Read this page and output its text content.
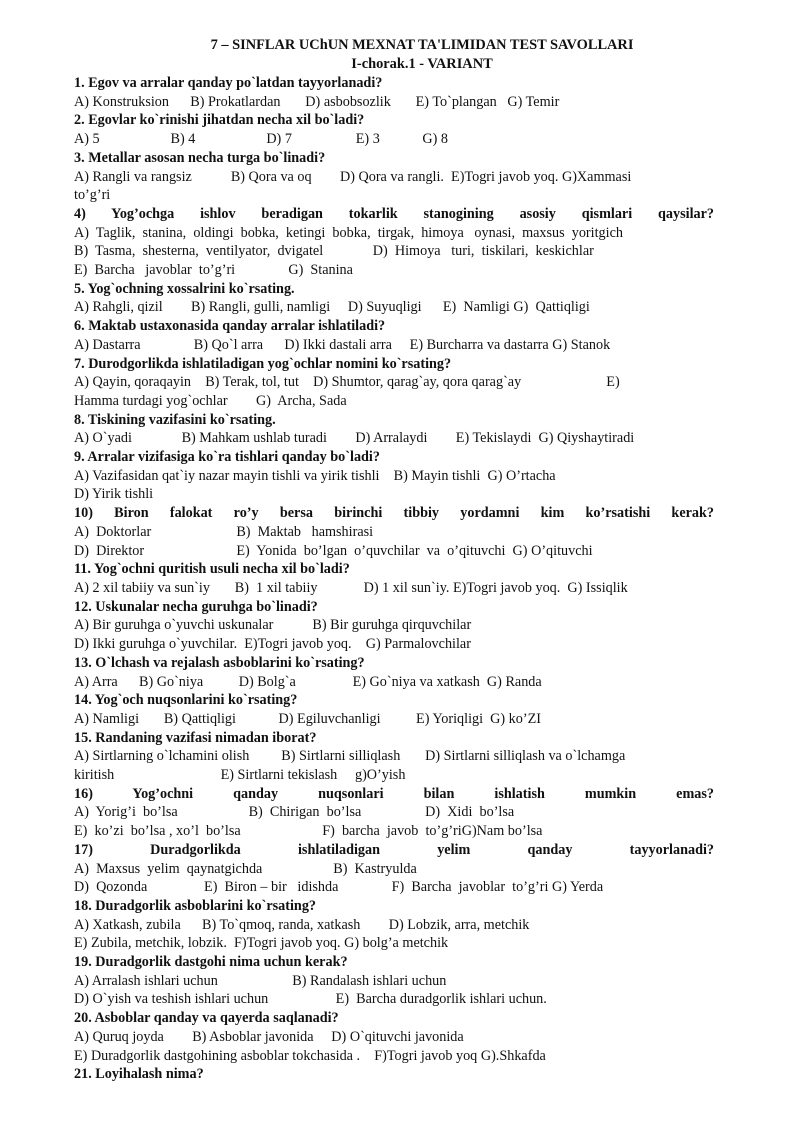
7 – SINFLAR UChUN MEXNAT TA'LIMIDAN TEST SAVOLLARI
I-chorak.1 - VARIANT
1. Egov va arralar qanday po`latdan tayyorlanadi?
A) Konstruksion      B) Prokatlardan       D) asbobsozlik       E) To`plangan   G) Temir
2. Egovlar ko`rinishi jihatdan necha xil bo`ladi?
A) 5                    B) 4                    D) 7                  E) 3            G) 8
3. Metallar asosan necha turga bo`linadi?
A) Rangli va rangsiz           B) Qora va oq        D) Qora va rangli.  E)Togri javob yoq. G)Xammasi
to’g’ri
4) Yog’ochga ishlov beradigan tokarlik stanogining asosiy qismlari qaysilar?
A)  Taglik,  stanina,  oldingi  bobka,  ketingi  bobka,  tirgak,  himoya   oynasi,  maxsus  yoritgich
B)  Tasma,  shesterna,  ventilyator,  dvigatel              D)  Himoya   turi,  tiskilari,  keskichlar
E)  Barcha   javoblar  to’g’ri               G)  Stanina
5. Yog`ochning xossalrini ko`rsating.
A) Rahgli, qizil        B) Rangli, gulli, namligi     D) Suyuqligi      E)  Namligi G)  Qattiqligi
6. Maktab ustaxonasida qanday arralar ishlatiladi?
A) Dastarra               B) Qo`l arra      D) Ikki dastali arra     E) Burcharra va dastarra G) Stanok
7. Durodgorlikda ishlatiladigan yog`ochlar nomini ko`rsating?
A) Qayin, qoraqayin    B) Terak, tol, tut    D) Shumtor, qarag`ay, qora qarag`ay                        E)
Hamma turdagi yog`ochlar        G)  Archa, Sada
8. Tiskining vazifasini ko`rsating.
A) O`yadi              B) Mahkam ushlab turadi        D) Arralaydi        E) Tekislaydi  G) Qiyshaytiradi
9. Arralar vizifasiga ko`ra tishlari qanday bo`ladi?
A) Vazifasidan qat`iy nazar mayin tishli va yirik tishli    B) Mayin tishli  G) O’rtacha
D) Yirik tishli
10) Biron falokat ro’y bersa birinchi tibbiy yordamni kim ko’rsatishi kerak?
A)  Doktorlar                        B)  Maktab   hamshirasi
D)  Direktor                          E)  Yonida  bo’lgan  o’quvchilar  va  o’qituvchi  G) O’qituvchi
11. Yog`ochni quritish usuli necha xil bo`ladi?
A) 2 xil tabiiy va sun`iy       B)  1 xil tabiiy             D) 1 xil sun`iy. E)Togri javob yoq.  G) Issiqlik
12. Uskunalar necha guruhga bo`linadi?
A) Bir guruhga o`yuvchi uskunalar           B) Bir guruhga qirquvchilar
D) Ikki guruhga o`yuvchilar.  E)Togri javob yoq.    G) Parmalovchilar
13. O`lchash va rejalash asboblarini ko`rsating?
A) Arra      B) Go`niya          D) Bolg`a                E) Go`niya va xatkash  G) Randa
14. Yog`och nuqsonlarini ko`rsating?
A) Namligi       B) Qattiqligi            D) Egiluvchanligi          E) Yoriqligi  G) ko’ZI
15. Randaning vazifasi nimadan iborat?
A) Sirtlarning o`lchamini olish         B) Sirtlarni silliqlash       D) Sirtlarni silliqlash va o`lchamga
kiritish                              E) Sirtlarni tekislash     g)O’yish
16) Yog’ochni qanday nuqsonlari bilan ishlatish mumkin emas?
A)  Yorig’i  bo’lsa                    B)  Chirigan  bo’lsa                  D)  Xidi  bo’lsa
E)  ko’zi  bo’lsa , xo’l  bo’lsa                       F)  barcha  javob  to’g’riG)Nam bo’lsa
17) Duradgorlikda ishlatiladigan yelim qanday tayyorlanadi?
A)  Maxsus  yelim  qaynatgichda                    B)  Kastryulda
D)  Qozonda                E)  Biron – bir   idishda               F)  Barcha  javoblar  to’g’ri G) Yerda
18. Duradgorlik asboblarini ko`rsating?
A) Xatkash, zubila      B) To`qmoq, randa, xatkash        D) Lobzik, arra, metchik
E) Zubila, metchik, lobzik.  F)Togri javob yoq. G) bolg’a metchik
19. Duradgorlik dastgohi nima uchun kerak?
A) Arralash ishlari uchun                     B) Randalash ishlari uchun
D) O`yish va teshish ishlari uchun                   E)  Barcha duradgorlik ishlari uchun.
20. Asboblar qanday va qayerda saqlanadi?
A) Quruq joyda        B) Asboblar javonida     D) O`qituvchi javonida
E) Duradgorlik dastgohining asboblar tokchasida .    F)Togri javob yoq G).Shkafda
21. Loyihalash nima?
